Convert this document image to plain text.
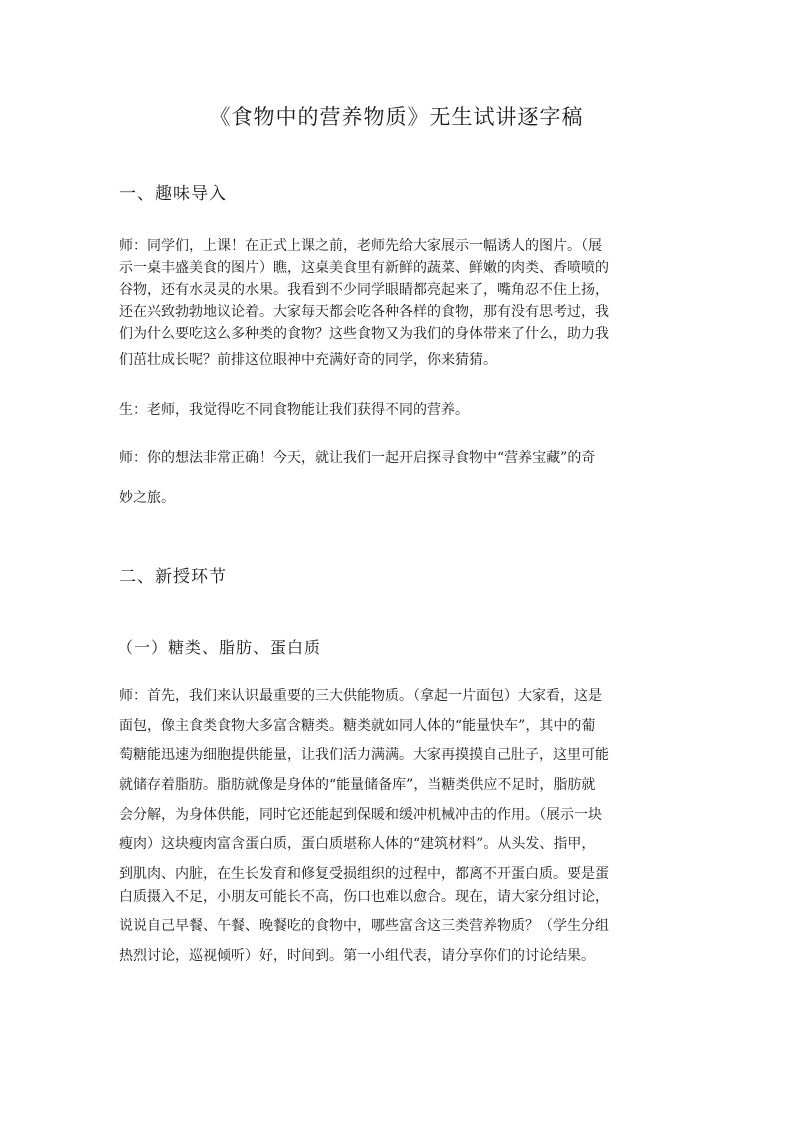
《食物中的营养物质》无生试讲逐字稿
一、趣味导入
师：同学们，上课！在正式上课之前，老师先给大家展示一幅诱人的图片。（展
示一桌丰盛美食的图片）瞧，这桌美食里有新鲜的蔬菜、鲜嫩的肉类、香喷喷的
谷物，还有水灵灵的水果。我看到不少同学眼睛都亮起来了，嘴角忍不住上扬，
还在兴致勃勃地议论着。大家每天都会吃各种各样的食物，那有没有思考过，我
们为什么要吃这么多种类的食物？这些食物又为我们的身体带来了什么，助力我
们茁壮成长呢？前排这位眼神中充满好奇的同学，你来猜猜。
生：老师，我觉得吃不同食物能让我们获得不同的营养。
师：你的想法非常正确！今天，就让我们一起开启探寻食物中“营养宝藏”的奇
妙之旅。
二、新授环节
（一）糖类、脂肪、蛋白质
师：首先，我们来认识最重要的三大供能物质。（拿起一片面包）大家看，这是
面包，像主食类食物大多富含糖类。糖类就如同人体的“能量快车”，其中的葡
萄糖能迅速为细胞提供能量，让我们活力满满。大家再摸摸自己肚子，这里可能
就储存着脂肪。脂肪就像是身体的“能量储备库”，当糖类供应不足时，脂肪就
会分解，为身体供能，同时它还能起到保暖和缓冲机械冲击的作用。（展示一块
瘦肉）这块瘦肉富含蛋白质，蛋白质堪称人体的“建筑材料”。从头发、指甲，
到肌肉、内脏，在生长发育和修复受损组织的过程中，都离不开蛋白质。要是蛋
白质摄入不足，小朋友可能长不高，伤口也难以愈合。现在，请大家分组讨论，
说说自己早餐、午餐、晚餐吃的食物中，哪些富含这三类营养物质？（学生分组
热烈讨论，巡视倾听）好，时间到。第一小组代表，请分享你们的讨论结果。
